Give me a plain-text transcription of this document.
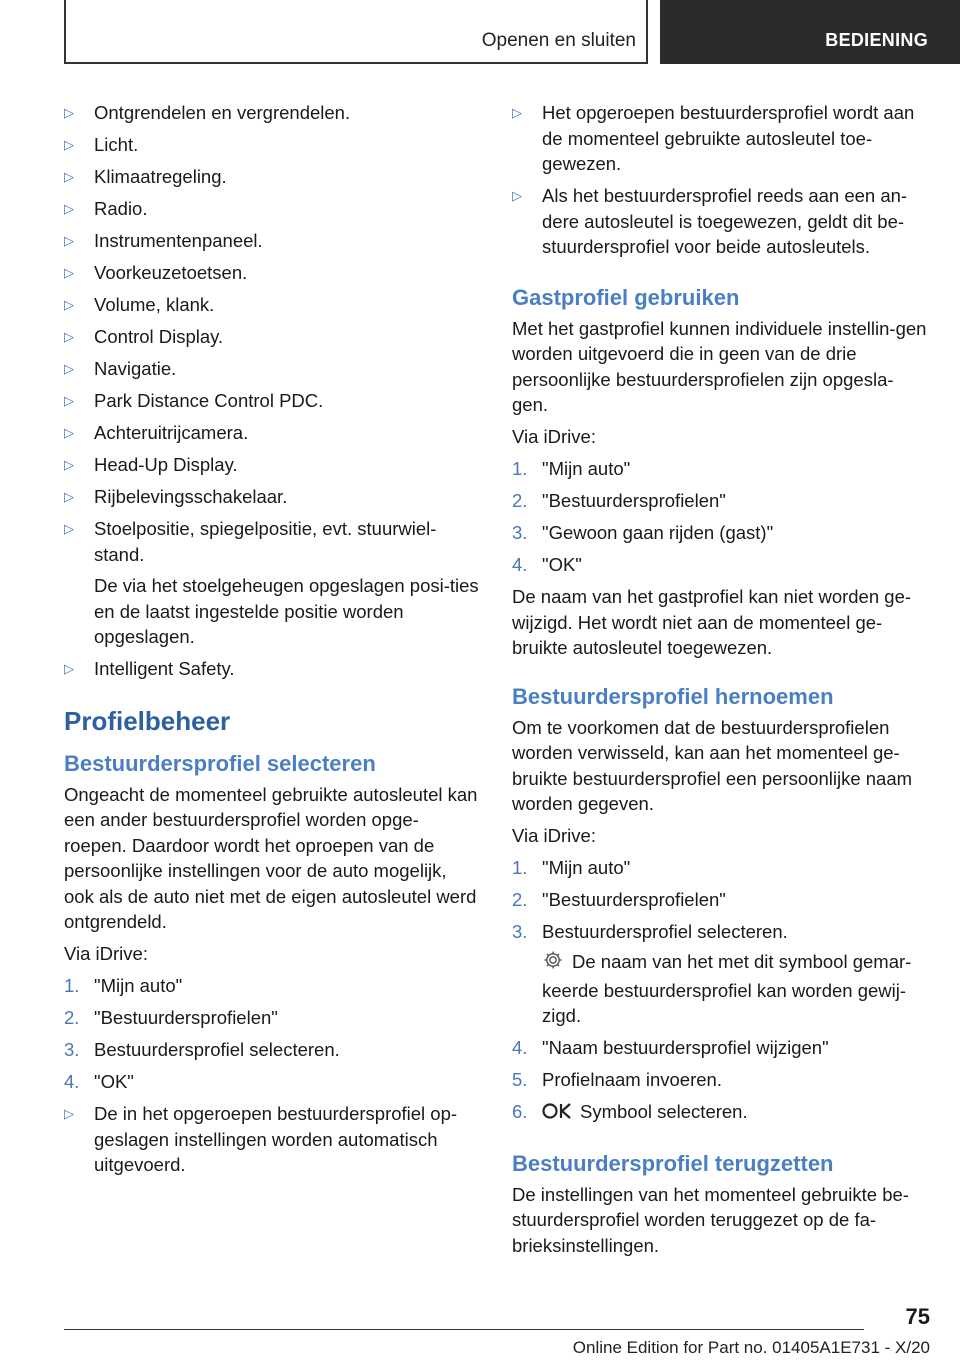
Openen en sluiten	BEDIENING
▷ Ontgrendelen en vergrendelen.
▷ Licht.
▷ Klimaatregeling.
▷ Radio.
▷ Instrumentenpaneel.
▷ Voorkeuzetoetsen.
▷ Volume, klank.
▷ Control Display.
▷ Navigatie.
▷ Park Distance Control PDC.
▷ Achteruitrijcamera.
▷ Head-Up Display.
▷ Rijbelevingsschakelaar.
▷ Stoelpositie, spiegelpositie, evt. stuurwiel-stand.
De via het stoelgeheugen opgeslagen posi-ties en de laatst ingestelde positie worden opgeslagen.
▷ Intelligent Safety.
Profielbeheer
Bestuurdersprofiel selecteren

Ongeacht de momenteel gebruikte autosleutel kan een ander bestuurdersprofiel worden opge-roepen. Daardoor wordt het oproepen van de persoonlijke instellingen voor de auto mogelijk, ook als de auto niet met de eigen autosleutel werd ontgrendeld.

Via iDrive:

1. "Mijn auto"
2. "Bestuurdersprofielen"
3. Bestuurdersprofiel selecteren.
4. "OK"
▷ De in het opgeroepen bestuurdersprofiel op-geslagen instellingen worden automatisch uitgevoerd.
▷ Het opgeroepen bestuurdersprofiel wordt aan de momenteel gebruikte autosleutel toe-gewezen.
▷ Als het bestuurdersprofiel reeds aan een an-dere autosleutel is toegewezen, geldt dit be-stuurdersprofiel voor beide autosleutels.
Gastprofiel gebruiken

Met het gastprofiel kunnen individuele instellin-gen worden uitgevoerd die in geen van de drie persoonlijke bestuurdersprofielen zijn opgesla-gen.

Via iDrive:

1. "Mijn auto"
2. "Bestuurdersprofielen"
3. "Gewoon gaan rijden (gast)"
4. "OK"

De naam van het gastprofiel kan niet worden ge-wijzigd. Het wordt niet aan de momenteel ge-bruikte autosleutel toegewezen.

Bestuurdersprofiel hernoemen

Om te voorkomen dat de bestuurdersprofielen worden verwisseld, kan aan het momenteel ge-bruikte bestuurdersprofiel een persoonlijke naam worden gegeven.

Via iDrive:

1. "Mijn auto"
2. "Bestuurdersprofielen"
3. Bestuurdersprofiel selecteren.
De naam van het met dit symbool gemar-keerde bestuurdersprofiel kan worden gewij-zigd.
4. "Naam bestuurdersprofiel wijzigen"
5. Profielnaam invoeren.
6.	Symbool selecteren.
Bestuurdersprofiel terugzetten

De instellingen van het momenteel gebruikte be-stuurdersprofiel worden teruggezet op de fa-brieksinstellingen.

75
Online Edition for Part no. 01405A1E731 - X/20
